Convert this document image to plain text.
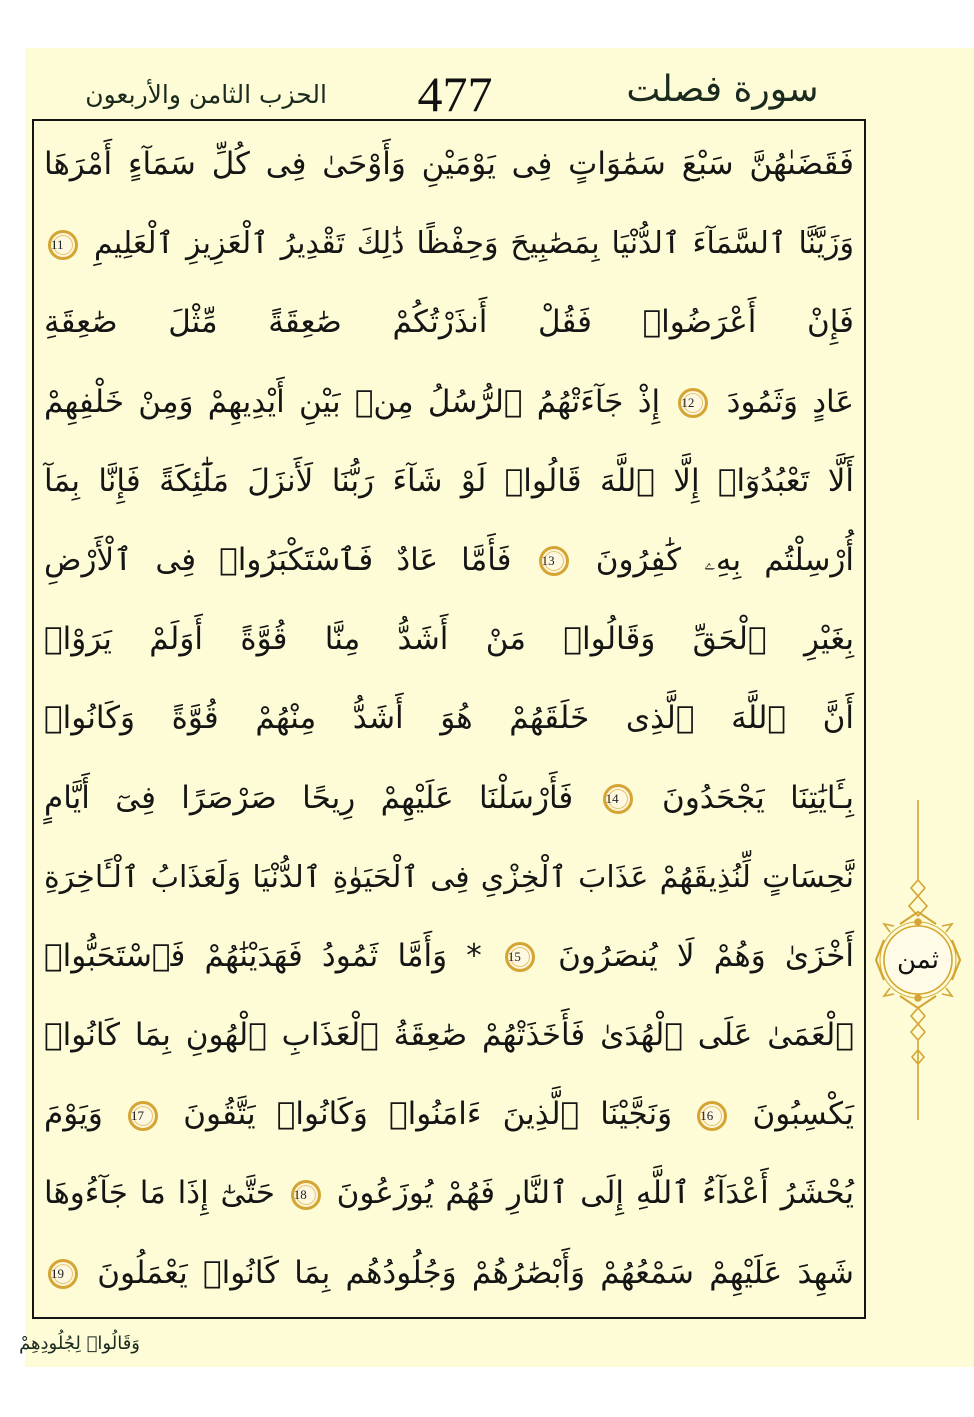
الحزب الثامن والأربعون 477	سورة فصلت
فَقَضَىٰهُنَّ سَبْعَ سَمَٰوَاتٍ فِى يَوْمَيْنِ وَأَوْحَىٰ فِى كُلِّ سَمَآءٍ أَمْرَهَا
وَزَيَّنَّا ٱلسَّمَآءَ ٱلدُّنْيَا بِمَصَٰبِيحَ وَحِفْظًا ذَٰلِكَ تَقْدِيرُ ٱلْعَزِيزِ ٱلْعَلِيمِ 11
فَإِنْ أَعْرَضُوا۟ فَقُلْ أَنذَرْتُكُمْ صَٰعِقَةً مِّثْلَ صَٰعِقَةِ
عَادٍ وَثَمُودَ 12 إِذْ جَآءَتْهُمُ ٱلرُّسُلُ مِنۢ بَيْنِ أَيْدِيهِمْ وَمِنْ خَلْفِهِمْ
أَلَّا تَعْبُدُوٓا۟ إِلَّا ٱللَّهَ قَالُوا۟ لَوْ شَآءَ رَبُّنَا لَأَنزَلَ مَلَٰٓئِكَةً فَإِنَّا بِمَآ
أُرْسِلْتُم بِهِۦ كَٰفِرُونَ 13 فَأَمَّا عَادٌ فَٱسْتَكْبَرُوا۟ فِى ٱلْأَرْضِ
بِغَيْرِ ٱلْحَقِّ وَقَالُوا۟ مَنْ أَشَدُّ مِنَّا قُوَّةً أَوَلَمْ يَرَوْا۟
أَنَّ ٱللَّهَ ٱلَّذِى خَلَقَهُمْ هُوَ أَشَدُّ مِنْهُمْ قُوَّةً وَكَانُوا۟
بِـَٔايَٰتِنَا يَجْحَدُونَ 14 فَأَرْسَلْنَا عَلَيْهِمْ رِيحًا صَرْصَرًا فِىٓ أَيَّامٍ
نَّحِسَاتٍ لِّنُذِيقَهُمْ عَذَابَ ٱلْخِزْىِ فِى ٱلْحَيَوٰةِ ٱلدُّنْيَا وَلَعَذَابُ ٱلْـَٔاخِرَةِ
أَخْزَىٰ وَهُمْ لَا يُنصَرُونَ 15 * وَأَمَّا ثَمُودُ فَهَدَيْنَٰهُمْ فَٱسْتَحَبُّوا۟
ٱلْعَمَىٰ عَلَى ٱلْهُدَىٰ فَأَخَذَتْهُمْ صَٰعِقَةُ ٱلْعَذَابِ ٱلْهُونِ بِمَا كَانُوا۟
يَكْسِبُونَ 16 وَنَجَّيْنَا ٱلَّذِينَ ءَامَنُوا۟ وَكَانُوا۟ يَتَّقُونَ 17 وَيَوْمَ
يُحْشَرُ أَعْدَآءُ ٱللَّهِ إِلَى ٱلنَّارِ فَهُمْ يُوزَعُونَ 18 حَتَّىٰٓ إِذَا مَا جَآءُوهَا
شَهِدَ عَلَيْهِمْ سَمْعُهُمْ وَأَبْصَٰرُهُمْ وَجُلُودُهُم بِمَا كَانُوا۟ يَعْمَلُونَ 19
ثمن
وَقَالُوا۟ لِجُلُودِهِمْ
